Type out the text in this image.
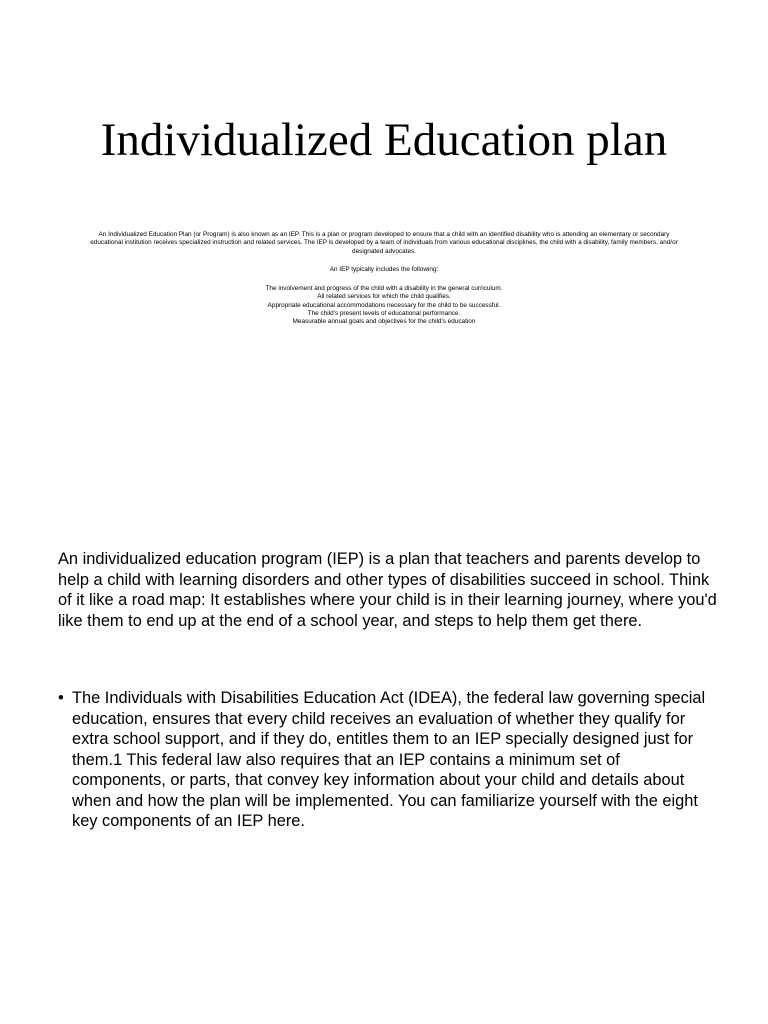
Individualized Education plan

An Individualized Education Plan (or Program) is also known as an IEP. This is a plan or program developed to ensure that a child with an identified disability who is attending an elementary or secondary educational institution receives specialized instruction and related services. The IEP is developed by a team of individuals from various educational disciplines, the child with a disability, family members, and/or designated advocates.

An IEP typically includes the following:

The involvement and progress of the child with a disability in the general curriculum.
All related services for which the child qualifies.
Appropriate educational accommodations necessary for the child to be successful.
The child's present levels of educational performance.
Measurable annual goals and objectives for the child's education

An individualized education program (IEP) is a plan that teachers and parents develop to help a child with learning disorders and other types of disabilities succeed in school. Think of it like a road map: It establishes where your child is in their learning journey, where you'd like them to end up at the end of a school year, and steps to help them get there.

• The Individuals with Disabilities Education Act (IDEA), the federal law governing special education, ensures that every child receives an evaluation of whether they qualify for extra school support, and if they do, entitles them to an IEP specially designed just for them.1 This federal law also requires that an IEP contains a minimum set of components, or parts, that convey key information about your child and details about when and how the plan will be implemented. You can familiarize yourself with the eight key components of an IEP here.
